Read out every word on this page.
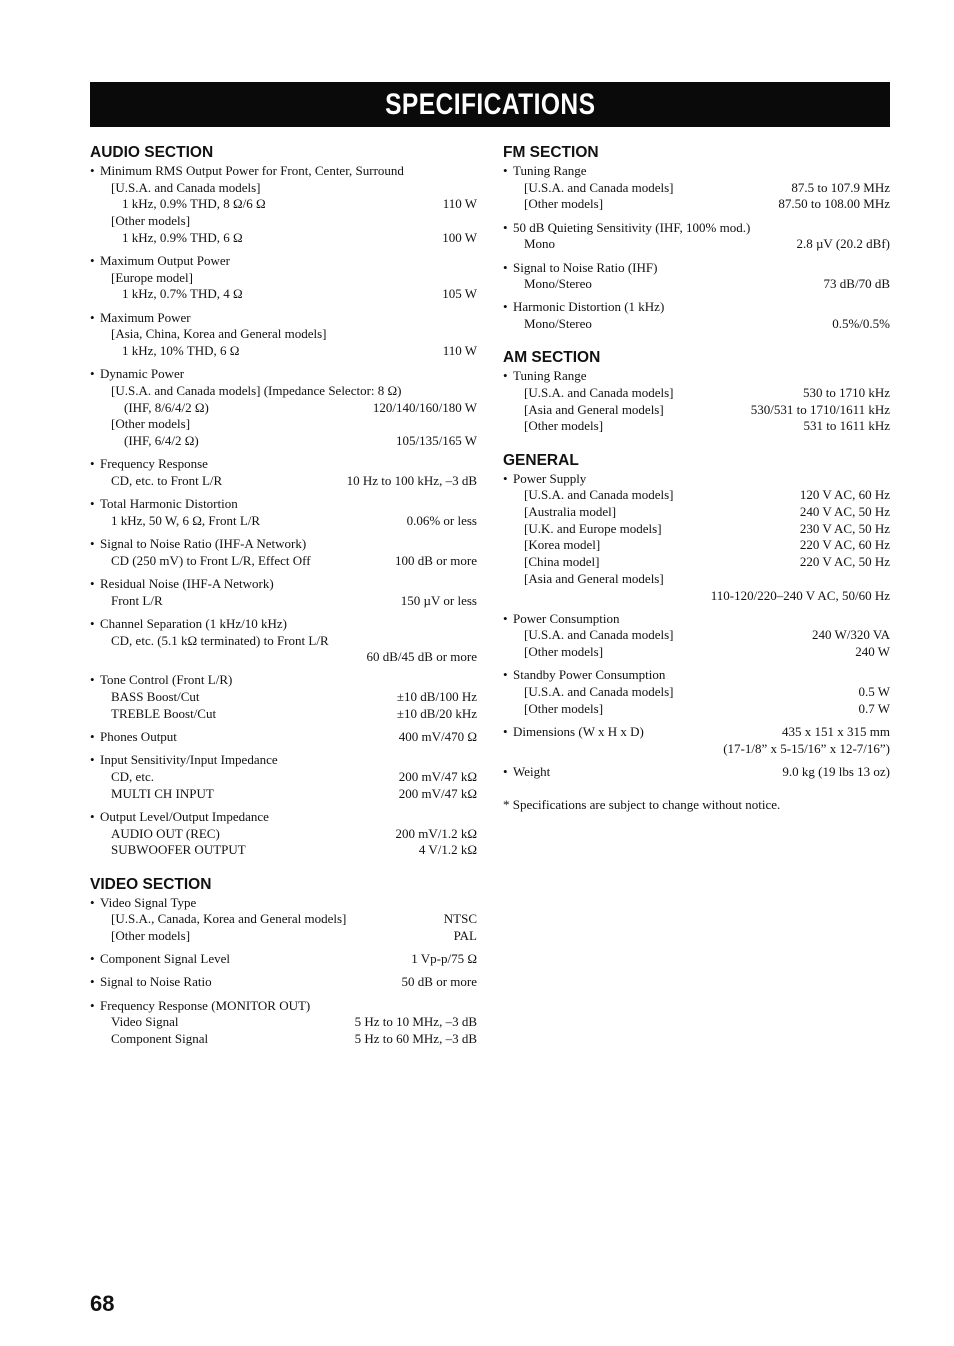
SPECIFICATIONS
AUDIO SECTION
• Minimum RMS Output Power for Front, Center, Surround
[U.S.A. and Canada models]
1 kHz, 0.9% THD, 8 Ω/6 Ω	110 W
[Other models]
1 kHz, 0.9% THD, 6 Ω	100 W
• Maximum Output Power
[Europe model]
1 kHz, 0.7% THD, 4 Ω	105 W
• Maximum Power
[Asia, China, Korea and General models]
1 kHz, 10% THD, 6 Ω	110 W
• Dynamic Power
[U.S.A. and Canada models] (Impedance Selector: 8 Ω)
(IHF, 8/6/4/2 Ω)	120/140/160/180 W
[Other models]
(IHF, 6/4/2 Ω)	105/135/165 W
• Frequency Response
CD, etc. to Front L/R	10 Hz to 100 kHz, –3 dB
• Total Harmonic Distortion
1 kHz, 50 W, 6 Ω, Front L/R	0.06% or less
• Signal to Noise Ratio (IHF-A Network)
CD (250 mV) to Front L/R, Effect Off	100 dB or more
• Residual Noise (IHF-A Network)
Front L/R	150 µV or less
• Channel Separation (1 kHz/10 kHz)
CD, etc. (5.1 kΩ terminated) to Front L/R
60 dB/45 dB or more
• Tone Control (Front L/R)
BASS Boost/Cut	±10 dB/100 Hz
TREBLE Boost/Cut	±10 dB/20 kHz
• Phones Output	400 mV/470 Ω
• Input Sensitivity/Input Impedance
CD, etc.	200 mV/47 kΩ
MULTI CH INPUT	200 mV/47 kΩ
• Output Level/Output Impedance
AUDIO OUT (REC)	200 mV/1.2 kΩ
SUBWOOFER OUTPUT	4 V/1.2 kΩ
VIDEO SECTION
• Video Signal Type
[U.S.A., Canada, Korea and General models]	NTSC
[Other models]	PAL
• Component Signal Level	1 Vp-p/75 Ω
• Signal to Noise Ratio	50 dB or more
• Frequency Response (MONITOR OUT)
Video Signal	5 Hz to 10 MHz, –3 dB
Component Signal	5 Hz to 60 MHz, –3 dB
FM SECTION
• Tuning Range
[U.S.A. and Canada models]	87.5 to 107.9 MHz
[Other models]	87.50 to 108.00 MHz
• 50 dB Quieting Sensitivity (IHF, 100% mod.)
Mono	2.8 µV (20.2 dBf)
• Signal to Noise Ratio (IHF)
Mono/Stereo	73 dB/70 dB
• Harmonic Distortion (1 kHz)
Mono/Stereo	0.5%/0.5%
AM SECTION
• Tuning Range
[U.S.A. and Canada models]	530 to 1710 kHz
[Asia and General models]	530/531 to 1710/1611 kHz
[Other models]	531 to 1611 kHz
GENERAL
• Power Supply
[U.S.A. and Canada models]	120 V AC, 60 Hz
[Australia model]	240 V AC, 50 Hz
[U.K. and Europe models]	230 V AC, 50 Hz
[Korea model]	220 V AC, 60 Hz
[China model]	220 V AC, 50 Hz
[Asia and General models]
110-120/220–240 V AC, 50/60 Hz
• Power Consumption
[U.S.A. and Canada models]	240 W/320 VA
[Other models]	240 W
• Standby Power Consumption
[U.S.A. and Canada models]	0.5 W
[Other models]	0.7 W
• Dimensions (W x H x D)	435 x 151 x 315 mm
(17-1/8” x 5-15/16” x 12-7/16”)
• Weight	9.0 kg (19 lbs 13 oz)
* Specifications are subject to change without notice.
68
